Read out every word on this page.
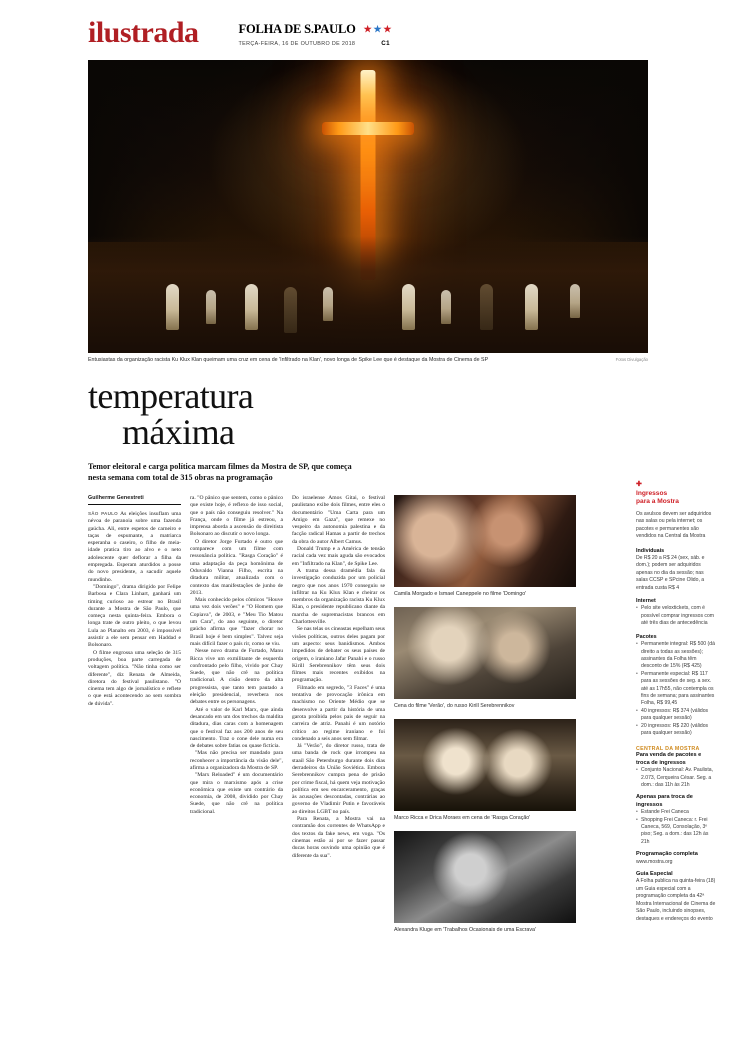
ilustrada	FOLHA DE S.PAULO ★ ★ ★
TERÇA-FEIRA, 16 DE OUTUBRO DE 2018	C1
Entusiastas da organização racista Ku Klux Klan queimam uma cruz em cena de 'Infiltrado na Klan', novo longa de Spike Lee que é destaque da Mostra de Cinema de SP	Fotos Divulgação
temperatura
máxima
Temor eleitoral e carga política marcam filmes da Mostra de SP, que começa nesta semana com total de 315 obras na programação
Guilherme Genestreti

SÃO PAULO As eleições insuflam uma névoa de paranoia sobre uma fazenda gaúcha. Ali, entre espetos de carneiro e taças de espumante, a matriarca esperanha o caseiro, o filho de meia-idade pratica tiro ao alvo e o neto adolescente quer deflorar a filha da empregada. Esperam aturdidos a posse do novo presidente, a sacudir aquele mundinho.

"Domingo", drama dirigido por Felipe Barbosa e Clara Linhart, ganhará um timing curioso ao estrear no Brasil durante a Mostra de São Paulo, que começa nesta quinta-feira. Embora o longa trate de outro pleito, o que levou Lula ao Planalto em 2003, é impossível assistir a ele sem pensar em Haddad e Bolsonaro.

O filme engrossa uma seleção de 315 produções, boa parte carregada de voltagem política. "Não tinha como ser diferente", diz Renata de Almeida, diretora do festival paulistano. "O cinema tem algo de jornalístico e reflete o que está acontecendo ao sem sombra de dúvida".

ra. "O pânico que sentem, como o pânico que existe hoje, é reflexo de isso social, que o país não conseguiu resolver." Na França, onde o filme já estreou, a imprensa aborda a ascensão do direitista Bolsonaro ao discutir o novo longa.

O diretor Jorge Furtado é outro que comparece com um filme com ressonância política. "Rasga Coração" é uma adaptação da peça homônima de Oduvaldo Vianna Filho, escrita na ditadura militar, atualizada com o contexto das manifestações de junho de 2013.

Mais conhecido pelos cômicos "Houve uma vez dois verões" e "O Homem que Copiava", de 2003, e "Meu Tio Matou um Cara", do ano seguinte, o diretor gaúcho afirma que "fazer chorar no Brasil hoje é bem simples". Talvez seja mais difícil fazer o país rir, como se viu.

Nesse novo drama de Furtado, Manu Ricca vive um exmilitante de esquerda confrontado pelo filho, vivido por Chay Suede, que não crê na política tradicional. A cisão dentro da alta progressista, que tanto tem pautado a eleição presidencial, reverbera nos debates entre os personagens.

Até o valor de Karl Marx, que ainda desancado em um dos trechos da maldita ditadura, dias caras com a homenagem que o festival faz aos 200 anos de seu nascimento. Traz o cone dele numa era de debates sobre fatias ou quase fictícia.

"Mas não precisa ser mandado para reconhecer a importância da visão dele", afirma a organizadora da Mostra de SP.

"Marx Reloaded" é um documentário que mira o marxismo após a crise econômica que existe um contrário da economia, de 2008, dividido por Chay Suede, que não crê na política tradicional.

Do israelense Amos Gitai, o festival paulistano exibe dois filmes, entre eles o documentário "Uma Carta para um Amigo em Gaza", que remexe no vespeiro da autonomia palestina e da facção radical Hamas a partir de trechos da obra do autor Albert Camus.

Donald Trump e a América de tensão racial cada vez mais aguda são evocados em "Infiltrado na Klan", de Spike Lee.

A trama dessa dramédia fala da investigação conduzida por um policial negro que nos anos 1970 conseguiu se infiltrar na Ku Klux Klan e cheirar os membros da organização racista Ku Klux Klan, o presidente republicano diante da marcha de supremacistas brancos em Charlottesville.

Se nas telas os cineastas espelham seus visões políticas, outros deles pagam por um aspecto: seus banidismos. Ambos impedidos de debater os seus países de origem, o iraniano Jafar Panahi e o russo Kirill Serebrennikov têm seus dois filmes mais recentes exibidos na programação.

Filmado em segredo, "3 Faces" é uma tentativa de provocação irônica em machismo no Oriente Médio que se desenvolve a partir da história de uma garota proibida pelos pais de seguir na carreira de atriz. Panahi é um notório crítico ao regime iraniano e foi condenado a seis anos sem filmar.

Já "Verão", do diretor russo, trata de uma banda de rock que irrompeu na staail São Petersburgo durante dois dias derradeiros da União Soviética. Embora Serebrennikov cumpra pena de prisão por crime fiscal, há quem veja motivação política em seu encarceramento, graças às acusações descontadas, contrárias ao governo de Vladimir Putin e favoráveis ao direitos LGBT no país.

Para Renata, a Mostra vai na contramão dos correntes de WhatsApp e dos textos da fake news, em voga. "Os cinemas estão ai por se fazer passar ducas horas ouvindo uma opinião que é diferente da sua".

Camila Morgado e Ismael Caneppele no filme 'Domingo'
Cena do filme 'Verão', do russo Kirill Serebrennikov
Marco Ricca e Drica Moraes em cena de 'Rasga Coração'
Alexandra Kluge em 'Trabalhos Ocasionais de uma Escrava'
✚
Ingressos
para a Mostra
Os avulsos devem ser adquiridos nas salas ou pela internet; os pacotes e permanentes são vendidos na Central da Mostra
Individuais
De R$ 20 a R$ 24 (sex, sáb. e dom.); podem ser adquiridos apenas no dia da sessão; nas salas CCSP e SPcine Olido, a entrada custa R$ 4
Internet
• Pelo site veloxtickets, com é possível comprar ingressos com até três dias de antecedência
Pacotes
• Permanente integral: R$ 500 (dá direito a todas as sessões); assinantes da Folha têm desconto de 15% (R$ 425)
• Permanente especial: R$ 117 para as sessões de seg. a sex. até as 17h55, não contempla os fins de semana; para assinantes Folha, R$ 99,45
• 40 ingressos: R$ 374 (válidos para qualquer sessão)
• 20 ingressos: R$ 220 (válidos para qualquer sessão)
CENTRAL DA MOSTRA
Para venda de pacotes e troca de ingressos
• Conjunto Nacional: Av. Paulista, 2.073, Cerqueira César. Seg. a dom.: das 11h às 21h
Apenas para troca de ingressos
• Estande Frei Caneca
• Shopping Frei Caneca: r. Frei Caneca, 569, Consolação, 3º piso; Seg. a dom.: das 12h às 21h
Programação completa
www.mostra.org
Guia Especial
A Folha publica na quinta-feira (18) um Guia especial com a programação completa da 42ª Mostra Internacional de Cinema de São Paulo, incluindo sinopses, destaques e endereços do evento
